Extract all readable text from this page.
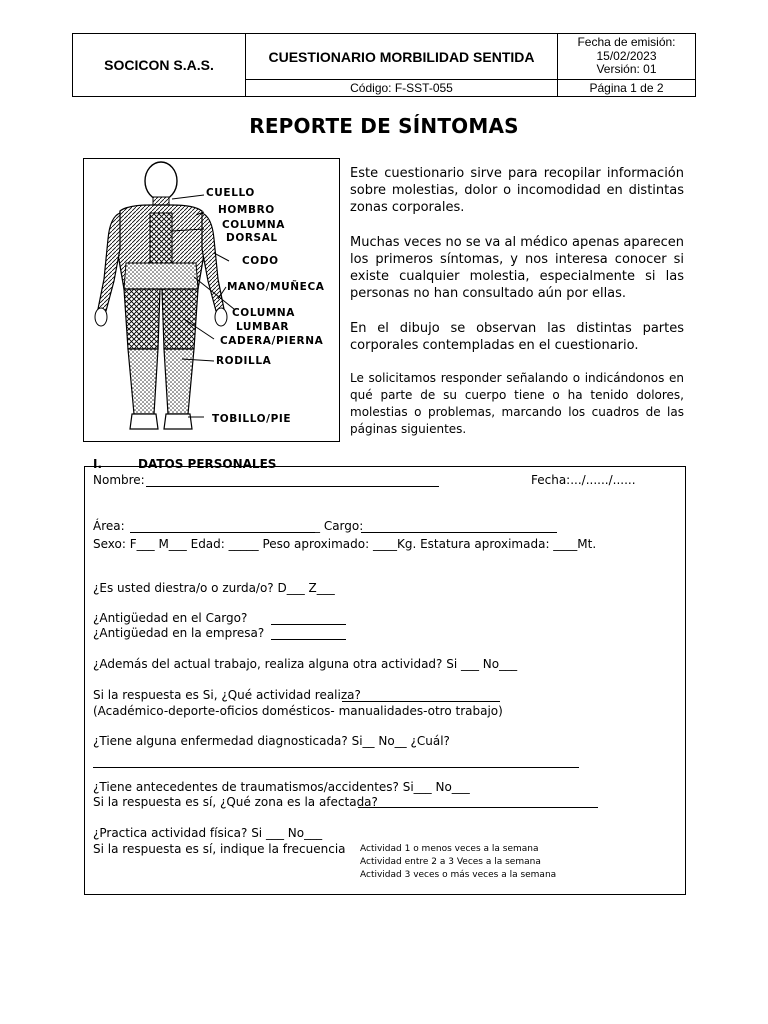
SOCICON S.A.S.	CUESTIONARIO MORBILIDAD SENTIDA	Fecha de emisión:
15/02/2023
Versión: 01

	Código: F-SST-055	Página 1 de 2
REPORTE DE SÍNTOMAS
CUELLO
HOMBRO
COLUMNA
DORSAL
CODO
MANO/MUÑECA
COLUMNA
LUMBAR
CADERA/PIERNA
RODILLA
TOBILLO/PIE
Este cuestionario sirve para recopilar información sobre molestias, dolor o incomodidad en distintas zonas corporales.
Muchas veces no se va al médico apenas aparecen los primeros síntomas, y nos interesa conocer si existe cualquier molestia, especialmente si las personas no han consultado aún por ellas.
En el dibujo se observan las distintas partes corporales contempladas en el cuestionario.
Le solicitamos responder señalando o indicándonos en qué parte de su cuerpo tiene o ha tenido dolores, molestias o problemas, marcando los cuadros de las páginas siguientes.
I.	DATOS PERSONALES
Nombre:	Fecha:.../....../......
Área:	_ Cargo:
Sexo: F___ M___ Edad: _____ Peso aproximado: ____Kg. Estatura aproximada: ____Mt.
¿Es usted diestra/o o zurda/o? D___ Z___
¿Antigüedad en el Cargo?
¿Antigüedad en la empresa?
¿Además del actual trabajo, realiza alguna otra actividad? Si ___ No___
Si la respuesta es Si, ¿Qué actividad realiza?
(Académico-deporte-oficios domésticos- manualidades-otro trabajo)
¿Tiene alguna enfermedad diagnosticada? Si__ No__ ¿Cuál?
¿Tiene antecedentes de traumatismos/accidentes? Si___ No___
Si la respuesta es sí, ¿Qué zona es la afectada?
¿Practica actividad física? Si ___ No___
Si la respuesta es sí, indique la frecuencia Actividad 1 o menos veces a la semana
Actividad entre 2 a 3 Veces a la semana
Actividad 3 veces o más veces a la semana
